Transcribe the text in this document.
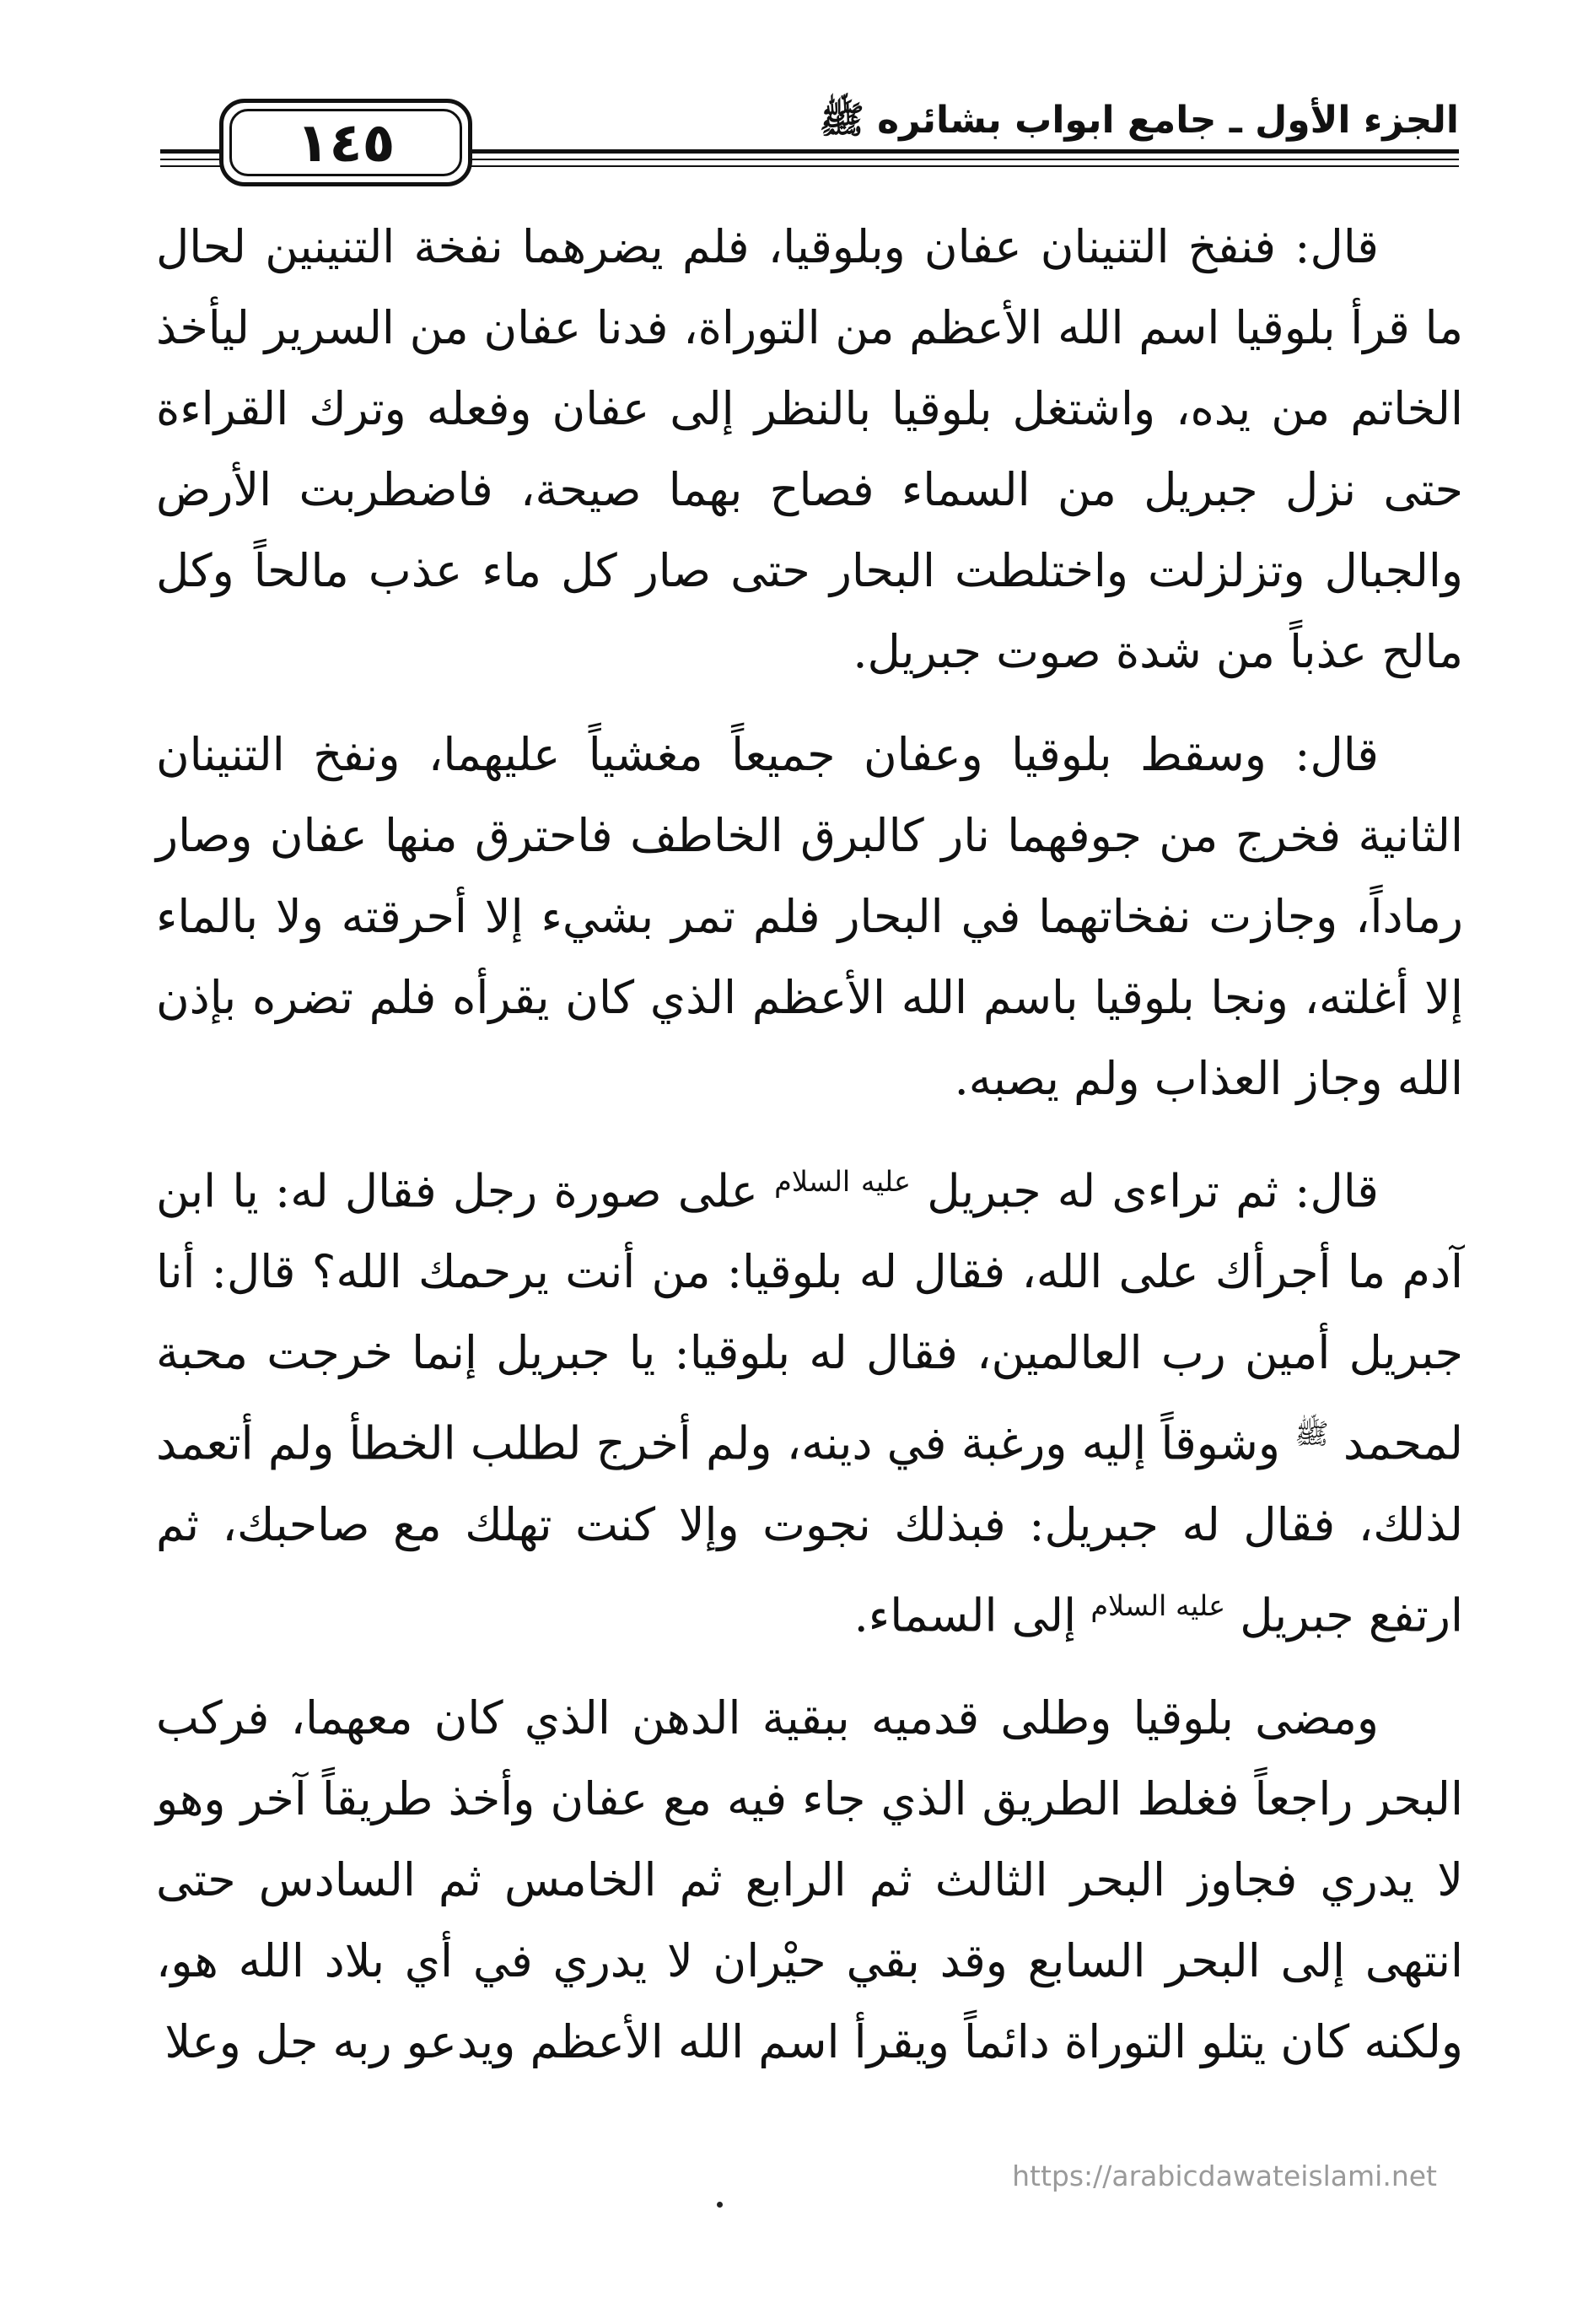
١٤٥	الجزء الأول ـ جامع ابواب بشائره ﷺ

قال: فنفخ التنينان عفان وبلوقيا، فلم يضرهما نفخة التنينين لحال ما قرأ بلوقيا اسم الله الأعظم من التوراة، فدنا عفان من السرير ليأخذ الخاتم من يده، واشتغل بلوقيا بالنظر إلى عفان وفعله وترك القراءة حتى نزل جبريل من السماء فصاح بهما صيحة، فاضطربت الأرض والجبال وتزلزلت واختلطت البحار حتى صار كل ماء عذب مالحاً وكل مالح عذباً من شدة صوت جبريل.

قال: وسقط بلوقيا وعفان جميعاً مغشياً عليهما، ونفخ التنينان الثانية فخرج من جوفهما نار كالبرق الخاطف فاحترق منها عفان وصار رماداً، وجازت نفخاتهما في البحار فلم تمر بشيء إلا أحرقته ولا بالماء إلا أغلته، ونجا بلوقيا باسم الله الأعظم الذي كان يقرأه فلم تضره بإذن الله وجاز العذاب ولم يصبه.

قال: ثم تراءى له جبريل $^{عليه السلام}$ على صورة رجل فقال له: يا ابن آدم ما أجرأك على الله، فقال له بلوقيا: من أنت يرحمك الله؟ قال: أنا جبريل أمين رب العالمين، فقال له بلوقيا: يا جبريل إنما خرجت محبة لمحمد $^ﷺ$ وشوقاً إليه ورغبة في دينه، ولم أخرج لطلب الخطأ ولم أتعمد لذلك، فقال له جبريل: فبذلك نجوت وإلا كنت تهلك مع صاحبك، ثم ارتفع جبريل $^{عليه السلام}$ إلى السماء.

ومضى بلوقيا وطلى قدميه ببقية الدهن الذي كان معهما، فركب البحر راجعاً فغلط الطريق الذي جاء فيه مع عفان وأخذ طريقاً آخر وهو لا يدري فجاوز البحر الثالث ثم الرابع ثم الخامس ثم السادس حتى انتهى إلى البحر السابع وقد بقي حيْران لا يدري في أي بلاد الله هو، ولكنه كان يتلو التوراة دائماً ويقرأ اسم الله الأعظم ويدعو ربه جل وعلا

https://arabicdawateislami.net
